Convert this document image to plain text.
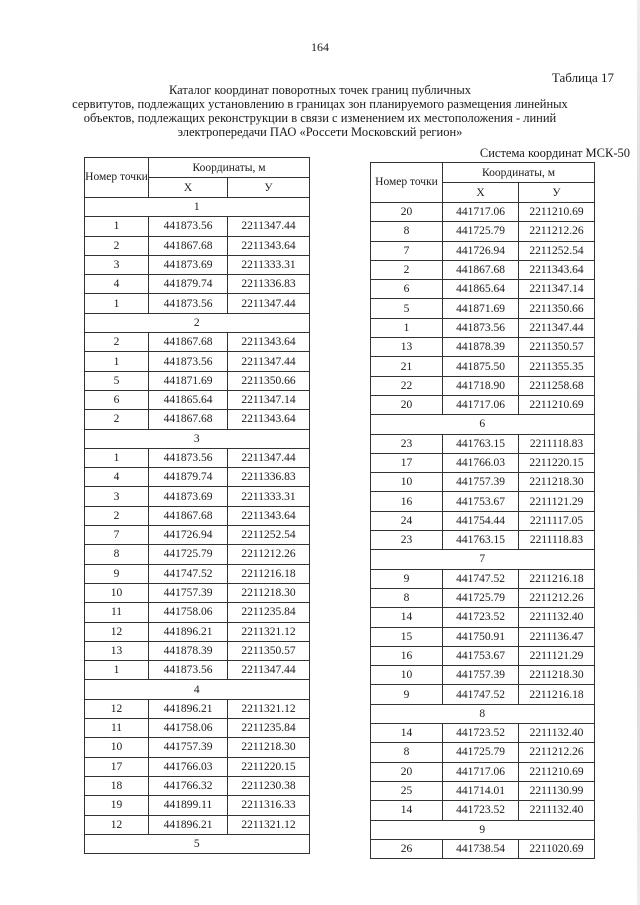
164
Таблица 17
Каталог координат поворотных точек границ публичных
сервитутов, подлежащих установлению в границах зон планируемого размещения линейных
объектов, подлежащих реконструкции в связи с изменением их местоположения - линий
электропередачи ПАО «Россети Московский регион»
Система координат МСК-50
Номер точки	Координаты, м	
	X	У
1		
1	441873.56	2211347.44
2	441867.68	2211343.64
3	441873.69	2211333.31
4	441879.74	2211336.83
1	441873.56	2211347.44
2		
2	441867.68	2211343.64
1	441873.56	2211347.44
5	441871.69	2211350.66
6	441865.64	2211347.14
2	441867.68	2211343.64
3		
1	441873.56	2211347.44
4	441879.74	2211336.83
3	441873.69	2211333.31
2	441867.68	2211343.64
7	441726.94	2211252.54
8	441725.79	2211212.26
9	441747.52	2211216.18
10	441757.39	2211218.30
11	441758.06	2211235.84
12	441896.21	2211321.12
13	441878.39	2211350.57
1	441873.56	2211347.44
4		
12	441896.21	2211321.12
11	441758.06	2211235.84
10	441757.39	2211218.30
17	441766.03	2211220.15
18	441766.32	2211230.38
19	441899.11	2211316.33
12	441896.21	2211321.12
5		
Номер точки	Координаты, м	
	X	У
20	441717.06	2211210.69
8	441725.79	2211212.26
7	441726.94	2211252.54
2	441867.68	2211343.64
6	441865.64	2211347.14
5	441871.69	2211350.66
1	441873.56	2211347.44
13	441878.39	2211350.57
21	441875.50	2211355.35
22	441718.90	2211258.68
20	441717.06	2211210.69
6		
23	441763.15	2211118.83
17	441766.03	2211220.15
10	441757.39	2211218.30
16	441753.67	2211121.29
24	441754.44	2211117.05
23	441763.15	2211118.83
7		
9	441747.52	2211216.18
8	441725.79	2211212.26
14	441723.52	2211132.40
15	441750.91	2211136.47
16	441753.67	2211121.29
10	441757.39	2211218.30
9	441747.52	2211216.18
8		
14	441723.52	2211132.40
8	441725.79	2211212.26
20	441717.06	2211210.69
25	441714.01	2211130.99
14	441723.52	2211132.40
9		
26	441738.54	2211020.69
